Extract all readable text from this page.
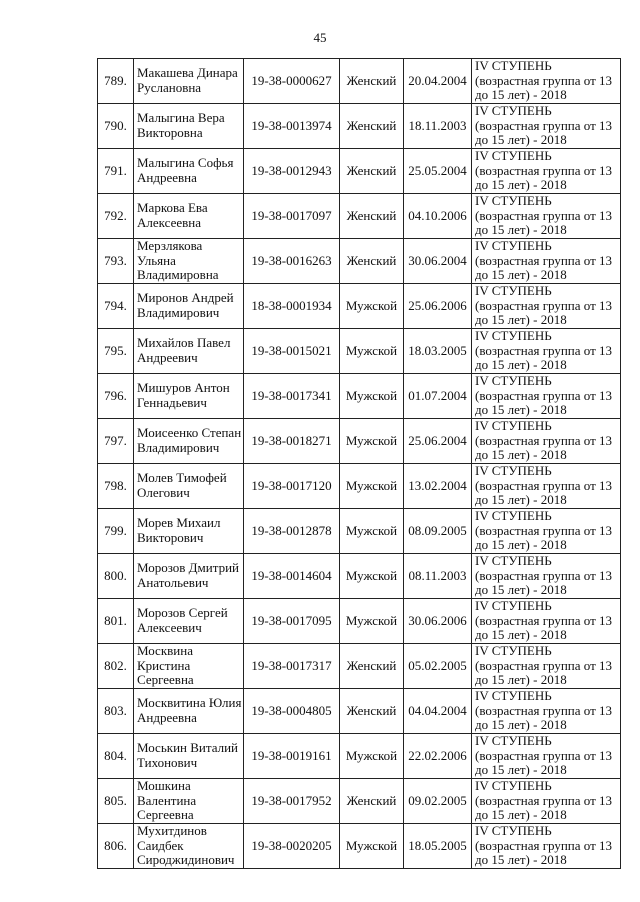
45
789.	Макашева Динара
Руслановна	19-38-0000627	Женский	20.04.2004	IV СТУПЕНЬ
(возрастная группа от 13
до 15 лет) - 2018

790.	Малыгина Вера
Викторовна	19-38-0013974	Женский	18.11.2003	IV СТУПЕНЬ
(возрастная группа от 13
до 15 лет) - 2018

791.	Малыгина Софья
Андреевна	19-38-0012943	Женский	25.05.2004	IV СТУПЕНЬ
(возрастная группа от 13
до 15 лет) - 2018

792.	Маркова Ева
Алексеевна	19-38-0017097	Женский	04.10.2006	IV СТУПЕНЬ
(возрастная группа от 13
до 15 лет) - 2018

793.	Мерзлякова
Ульяна
Владимировна	19-38-0016263	Женский	30.06.2004	IV СТУПЕНЬ
(возрастная группа от 13
до 15 лет) - 2018

794.	Миронов Андрей
Владимирович	18-38-0001934	Мужской	25.06.2006	IV СТУПЕНЬ
(возрастная группа от 13
до 15 лет) - 2018

795.	Михайлов Павел
Андреевич	19-38-0015021	Мужской	18.03.2005	IV СТУПЕНЬ
(возрастная группа от 13
до 15 лет) - 2018

796.	Мишуров Антон
Геннадьевич	19-38-0017341	Мужской	01.07.2004	IV СТУПЕНЬ
(возрастная группа от 13
до 15 лет) - 2018

797.	Моисеенко Степан
Владимирович	19-38-0018271	Мужской	25.06.2004	IV СТУПЕНЬ
(возрастная группа от 13
до 15 лет) - 2018

798.	Молев Тимофей
Олегович	19-38-0017120	Мужской	13.02.2004	IV СТУПЕНЬ
(возрастная группа от 13
до 15 лет) - 2018

799.	Морев Михаил
Викторович	19-38-0012878	Мужской	08.09.2005	IV СТУПЕНЬ
(возрастная группа от 13
до 15 лет) - 2018

800.	Морозов Дмитрий
Анатольевич	19-38-0014604	Мужской	08.11.2003	IV СТУПЕНЬ
(возрастная группа от 13
до 15 лет) - 2018

801.	Морозов Сергей
Алексеевич	19-38-0017095	Мужской	30.06.2006	IV СТУПЕНЬ
(возрастная группа от 13
до 15 лет) - 2018

802.	Москвина
Кристина
Сергеевна	19-38-0017317	Женский	05.02.2005	IV СТУПЕНЬ
(возрастная группа от 13
до 15 лет) - 2018

803.	Москвитина Юлия
Андреевна	19-38-0004805	Женский	04.04.2004	IV СТУПЕНЬ
(возрастная группа от 13
до 15 лет) - 2018

804.	Моськин Виталий
Тихонович	19-38-0019161	Мужской	22.02.2006	IV СТУПЕНЬ
(возрастная группа от 13
до 15 лет) - 2018

805.	Мошкина
Валентина
Сергеевна	19-38-0017952	Женский	09.02.2005	IV СТУПЕНЬ
(возрастная группа от 13
до 15 лет) - 2018

806.	Мухитдинов
Саидбек
Сироджидинович	19-38-0020205	Мужской	18.05.2005	IV СТУПЕНЬ
(возрастная группа от 13
до 15 лет) - 2018
